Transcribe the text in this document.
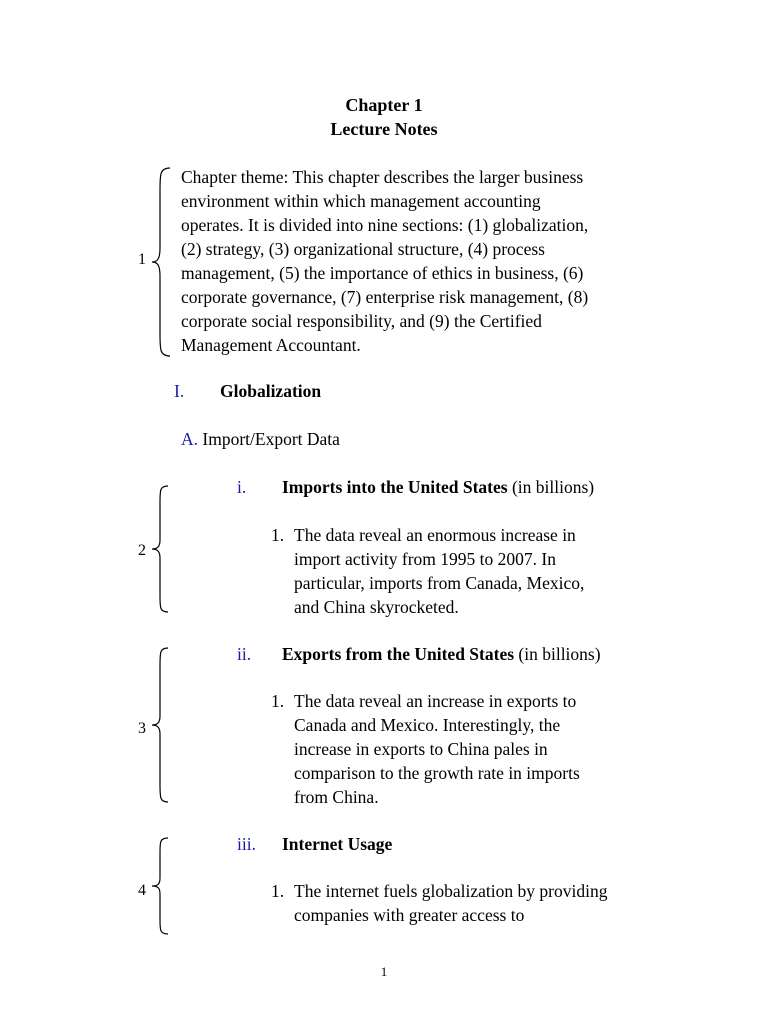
Chapter 1
Lecture Notes
1
Chapter theme: This chapter describes the larger business
environment within which management accounting
operates. It is divided into nine sections: (1) globalization,
(2) strategy, (3) organizational structure, (4) process
management, (5) the importance of ethics in business, (6)
corporate governance, (7) enterprise risk management, (8)
corporate social responsibility, and (9) the Certified
Management Accountant.
I. Globalization
A. Import/Export Data
i. Imports into the United States (in billions)
2
1. The data reveal an enormous increase in
import activity from 1995 to 2007. In
particular, imports from Canada, Mexico,
and China skyrocketed.
ii. Exports from the United States (in billions)
3
1. The data reveal an increase in exports to
Canada and Mexico. Interestingly, the
increase in exports to China pales in
comparison to the growth rate in imports
from China.
iii. Internet Usage
4	1. The internet fuels globalization by providing
companies with greater access to
1
